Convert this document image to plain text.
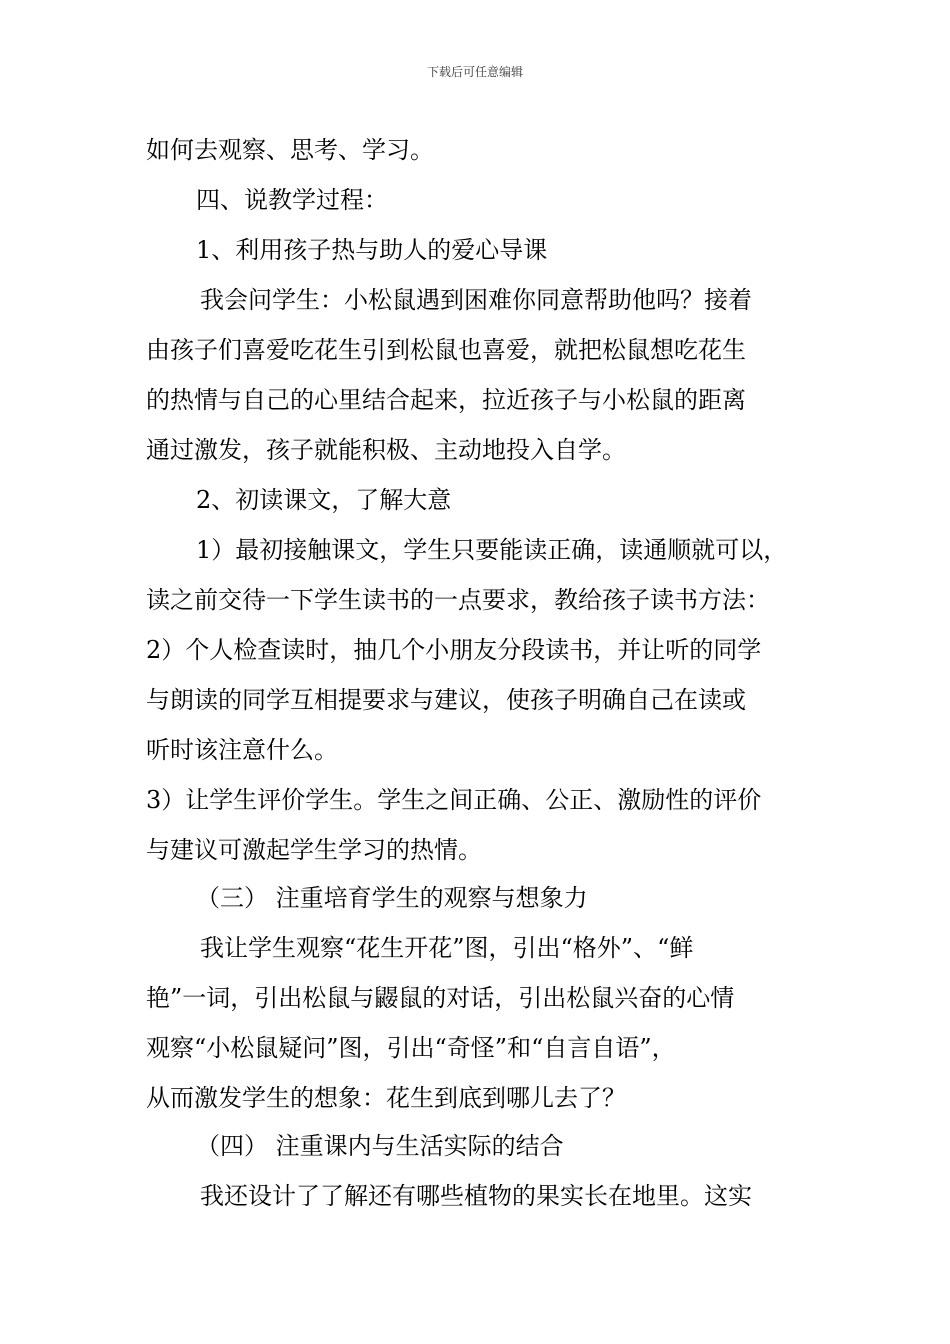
下载后可任意编辑
如何去观察、思考、学习。
四、说教学过程：
1、利用孩子热与助人的爱心导课
我会问学生：小松鼠遇到困难你同意帮助他吗？接着
由孩子们喜爱吃花生引到松鼠也喜爱，就把松鼠想吃花生
的热情与自己的心里结合起来，拉近孩子与小松鼠的距离
通过激发，孩子就能积极、主动地投入自学。
2、初读课文，了解大意
1）最初接触课文，学生只要能读正确，读通顺就可以，
读之前交待一下学生读书的一点要求，教给孩子读书方法：
2）个人检查读时，抽几个小朋友分段读书，并让听的同学
与朗读的同学互相提要求与建议，使孩子明确自己在读或
听时该注意什么。
3）让学生评价学生。学生之间正确、公正、激励性的评价
与建议可激起学生学习的热情。
（三） 注重培育学生的观察与想象力
我让学生观察“花生开花”图，引出“格外”、“鲜
艳”一词，引出松鼠与鼹鼠的对话，引出松鼠兴奋的心情
观察“小松鼠疑问”图，引出“奇怪”和“自言自语”，
从而激发学生的想象：花生到底到哪儿去了？
（四） 注重课内与生活实际的结合
我还设计了了解还有哪些植物的果实长在地里。这实
